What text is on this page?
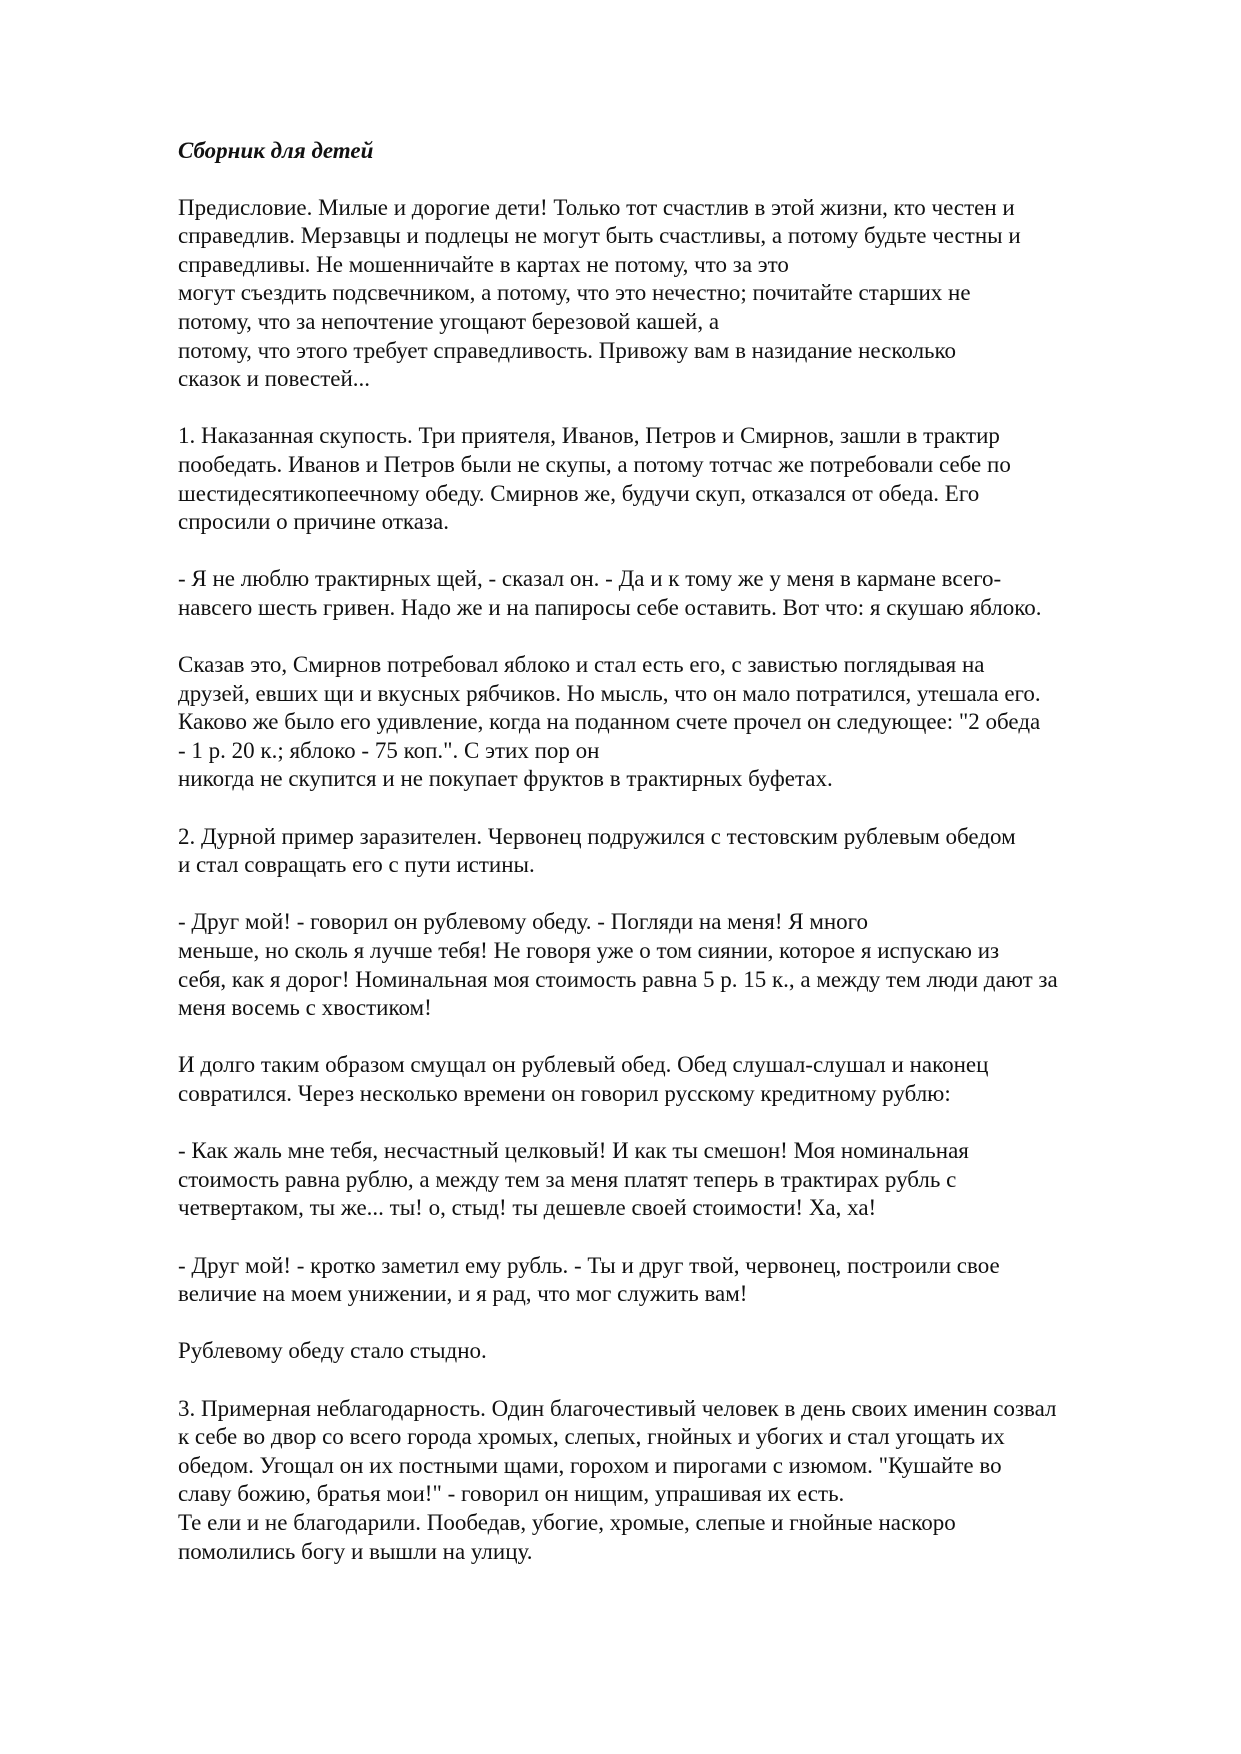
Сборник для детей
Предисловие. Милые и дорогие дети! Только тот счастлив в этой жизни, кто честен и
справедлив. Мерзавцы и подлецы не могут быть счастливы, а потому будьте честны и
справедливы. Не мошенничайте в картах не потому, что за это
могут съездить подсвечником, а потому, что это нечестно; почитайте старших не
потому, что за непочтение угощают березовой кашей, а
потому, что этого требует справедливость. Привожу вам в назидание несколько
сказок и повестей...
1. Наказанная скупость. Три приятеля, Иванов, Петров и Смирнов, зашли в трактир
пообедать. Иванов и Петров были не скупы, а потому тотчас же потребовали себе по
шестидесятикопеечному обеду. Смирнов же, будучи скуп, отказался от обеда. Его
спросили о причине отказа.
- Я не люблю трактирных щей, - сказал он. - Да и к тому же у меня в кармане всего-
навсего шесть гривен. Надо же и на папиросы себе оставить. Вот что: я скушаю яблоко.
Сказав это, Смирнов потребовал яблоко и стал есть его, с завистью поглядывая на
друзей, евших щи и вкусных рябчиков. Но мысль, что он мало потратился, утешала его.
Каково же было его удивление, когда на поданном счете прочел он следующее: "2 обеда
- 1 р. 20 к.; яблоко - 75 коп.". С этих пор он
никогда не скупится и не покупает фруктов в трактирных буфетах.
2. Дурной пример заразителен. Червонец подружился с тестовским рублевым обедом
и стал совращать его с пути истины.
- Друг мой! - говорил он рублевому обеду. - Погляди на меня! Я много
меньше, но сколь я лучше тебя! Не говоря уже о том сиянии, которое я испускаю из
себя, как я дорог! Номинальная моя стоимость равна 5 р. 15 к., а между тем люди дают за
меня восемь с хвостиком!
И долго таким образом смущал он рублевый обед. Обед слушал-слушал и наконец
совратился. Через несколько времени он говорил русскому кредитному рублю:
- Как жаль мне тебя, несчастный целковый! И как ты смешон! Моя номинальная
стоимость равна рублю, а между тем за меня платят теперь в трактирах рубль с
четвертаком, ты же... ты! о, стыд! ты дешевле своей стоимости! Ха, ха!
- Друг мой! - кротко заметил ему рубль. - Ты и друг твой, червонец, построили свое
величие на моем унижении, и я рад, что мог служить вам!
Рублевому обеду стало стыдно.
3. Примерная неблагодарность. Один благочестивый человек в день своих именин созвал
к себе во двор со всего города хромых, слепых, гнойных и убогих и стал угощать их
обедом. Угощал он их постными щами, горохом и пирогами с изюмом. "Кушайте во
славу божию, братья мои!" - говорил он нищим, упрашивая их есть.
Те ели и не благодарили. Пообедав, убогие, хромые, слепые и гнойные наскоро
помолились богу и вышли на улицу.
